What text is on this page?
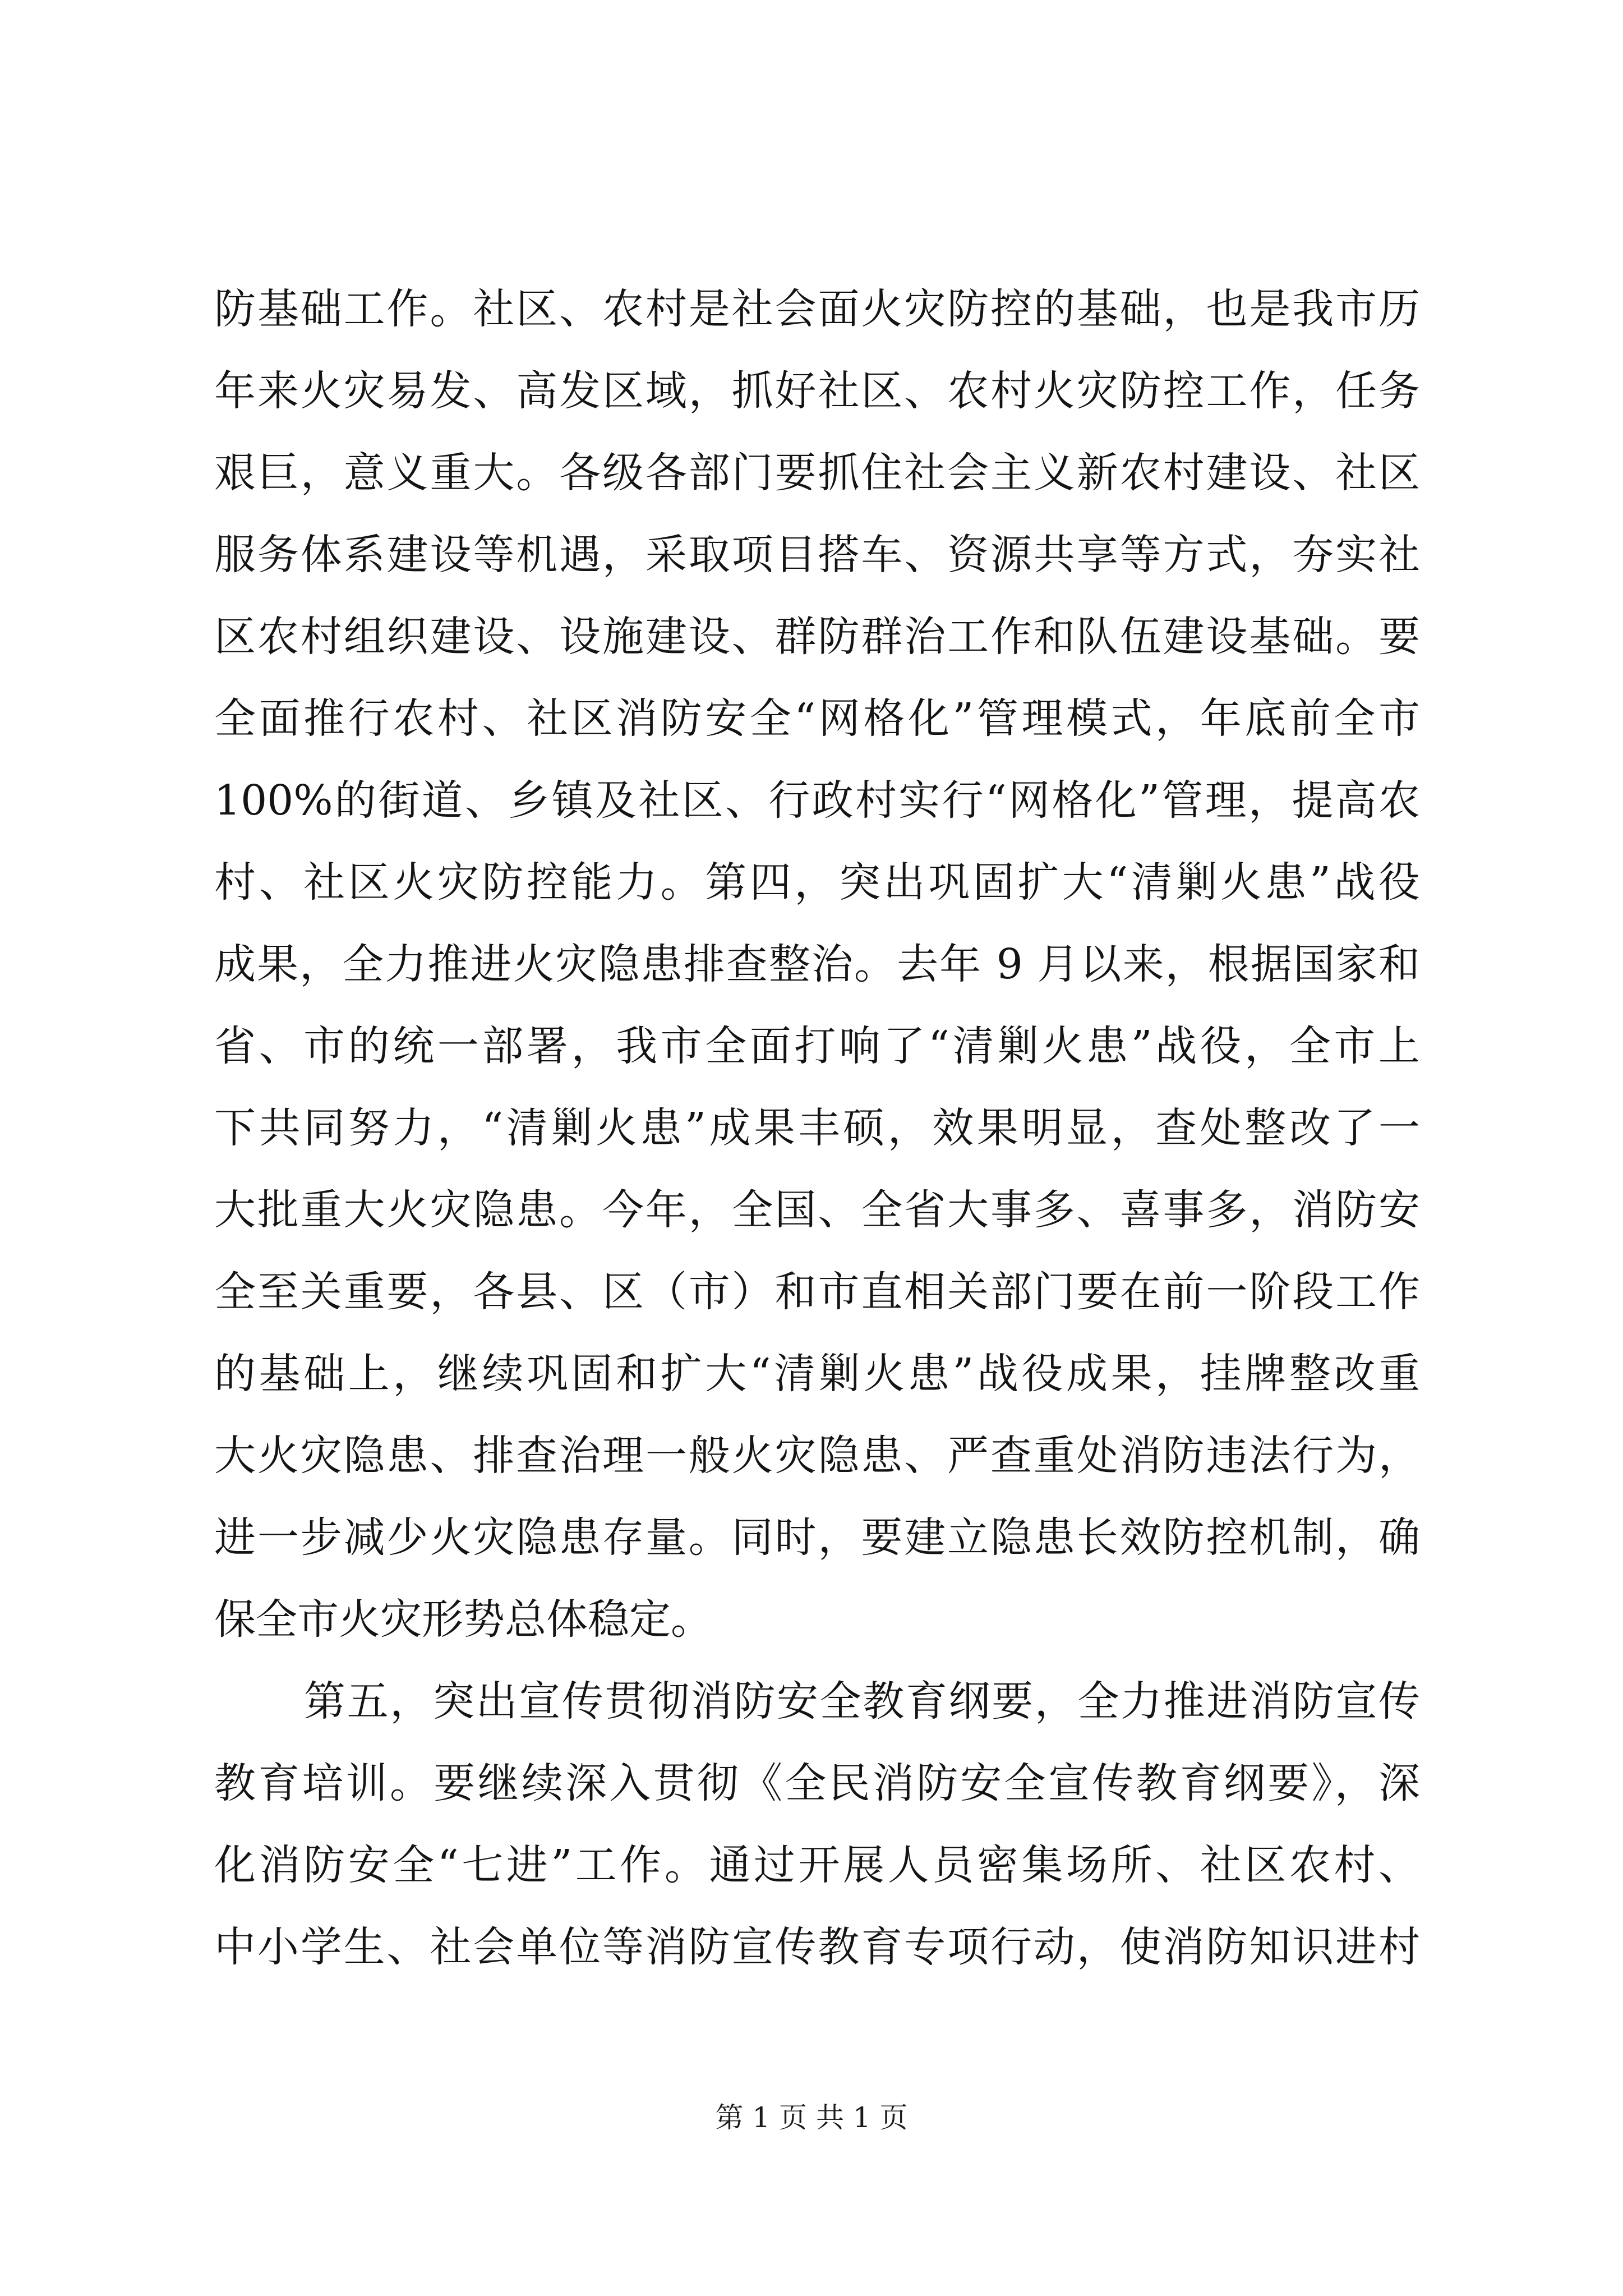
防基础工作。社区、农村是社会面火灾防控的基础，也是我市历
年来火灾易发、高发区域，抓好社区、农村火灾防控工作，任务
艰巨，意义重大。各级各部门要抓住社会主义新农村建设、社区
服务体系建设等机遇，采取项目搭车、资源共享等方式，夯实社
区农村组织建设、设施建设、群防群治工作和队伍建设基础。要
全面推行农村、社区消防安全“网格化”管理模式，年底前全市
100%的街道、乡镇及社区、行政村实行“网格化”管理，提高农
村、社区火灾防控能力。第四，突出巩固扩大“清剿火患”战役
成果，全力推进火灾隐患排查整治。去年 9 月以来，根据国家和
省、市的统一部署，我市全面打响了“清剿火患”战役，全市上
下共同努力，“清剿火患”成果丰硕，效果明显，查处整改了一
大批重大火灾隐患。今年，全国、全省大事多、喜事多，消防安
全至关重要，各县、区（市）和市直相关部门要在前一阶段工作
的基础上，继续巩固和扩大“清剿火患”战役成果，挂牌整改重
大火灾隐患、排查治理一般火灾隐患、严查重处消防违法行为，
进一步减少火灾隐患存量。同时，要建立隐患长效防控机制，确
保全市火灾形势总体稳定。
第五，突出宣传贯彻消防安全教育纲要，全力推进消防宣传
教育培训。要继续深入贯彻《全民消防安全宣传教育纲要》，深
化消防安全“七进”工作。通过开展人员密集场所、社区农村、
中小学生、社会单位等消防宣传教育专项行动，使消防知识进村
第 1 页 共 1 页
